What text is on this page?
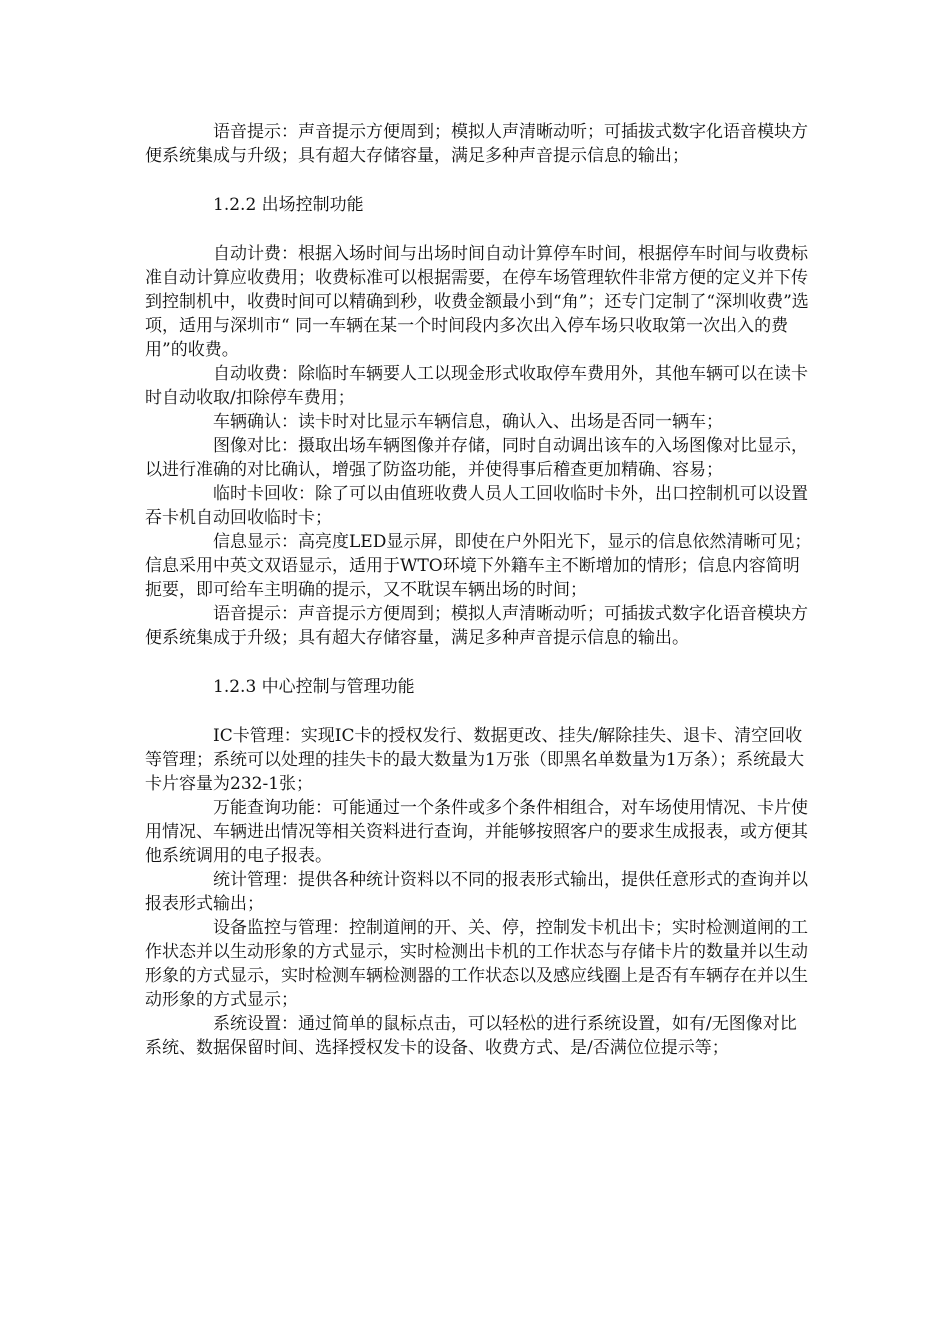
语音提示：声音提示方便周到；模拟人声清晰动听；可插拔式数字化语音模块方便系统集成与升级；具有超大存储容量，满足多种声音提示信息的输出；

1.2.2 出场控制功能

自动计费：根据入场时间与出场时间自动计算停车时间，根据停车时间与收费标准自动计算应收费用；收费标准可以根据需要，在停车场管理软件非常方便的定义并下传到控制机中，收费时间可以精确到秒，收费金额最小到“角”；还专门定制了“深圳收费”选项，适用与深圳市“ 同一车辆在某一个时间段内多次出入停车场只收取第一次出入的费用”的收费。

自动收费：除临时车辆要人工以现金形式收取停车费用外，其他车辆可以在读卡时自动收取/扣除停车费用；

车辆确认：读卡时对比显示车辆信息，确认入、出场是否同一辆车；

图像对比：摄取出场车辆图像并存储，同时自动调出该车的入场图像对比显示，以进行准确的对比确认，增强了防盗功能，并使得事后稽查更加精确、容易；

临时卡回收：除了可以由值班收费人员人工回收临时卡外，出口控制机可以设置吞卡机自动回收临时卡；

信息显示：高亮度LED显示屏，即使在户外阳光下，显示的信息依然清晰可见；信息采用中英文双语显示，适用于WTO环境下外籍车主不断增加的情形；信息内容简明扼要，即可给车主明确的提示，又不耽误车辆出场的时间；

语音提示：声音提示方便周到；模拟人声清晰动听；可插拔式数字化语音模块方便系统集成于升级；具有超大存储容量，满足多种声音提示信息的输出。

1.2.3 中心控制与管理功能

IC卡管理：实现IC卡的授权发行、数据更改、挂失/解除挂失、退卡、清空回收等管理；系统可以处理的挂失卡的最大数量为1万张（即黑名单数量为1万条）；系统最大卡片容量为232-1张；

万能查询功能：可能通过一个条件或多个条件相组合，对车场使用情况、卡片使用情况、车辆进出情况等相关资料进行查询，并能够按照客户的要求生成报表，或方便其他系统调用的电子报表。

统计管理：提供各种统计资料以不同的报表形式输出，提供任意形式的查询并以报表形式输出；

设备监控与管理：控制道闸的开、关、停，控制发卡机出卡；实时检测道闸的工作状态并以生动形象的方式显示，实时检测出卡机的工作状态与存储卡片的数量并以生动形象的方式显示，实时检测车辆检测器的工作状态以及感应线圈上是否有车辆存在并以生动形象的方式显示；

系统设置：通过简单的鼠标点击，可以轻松的进行系统设置，如有/无图像对比系统、数据保留时间、选择授权发卡的设备、收费方式、是/否满位位提示等；
